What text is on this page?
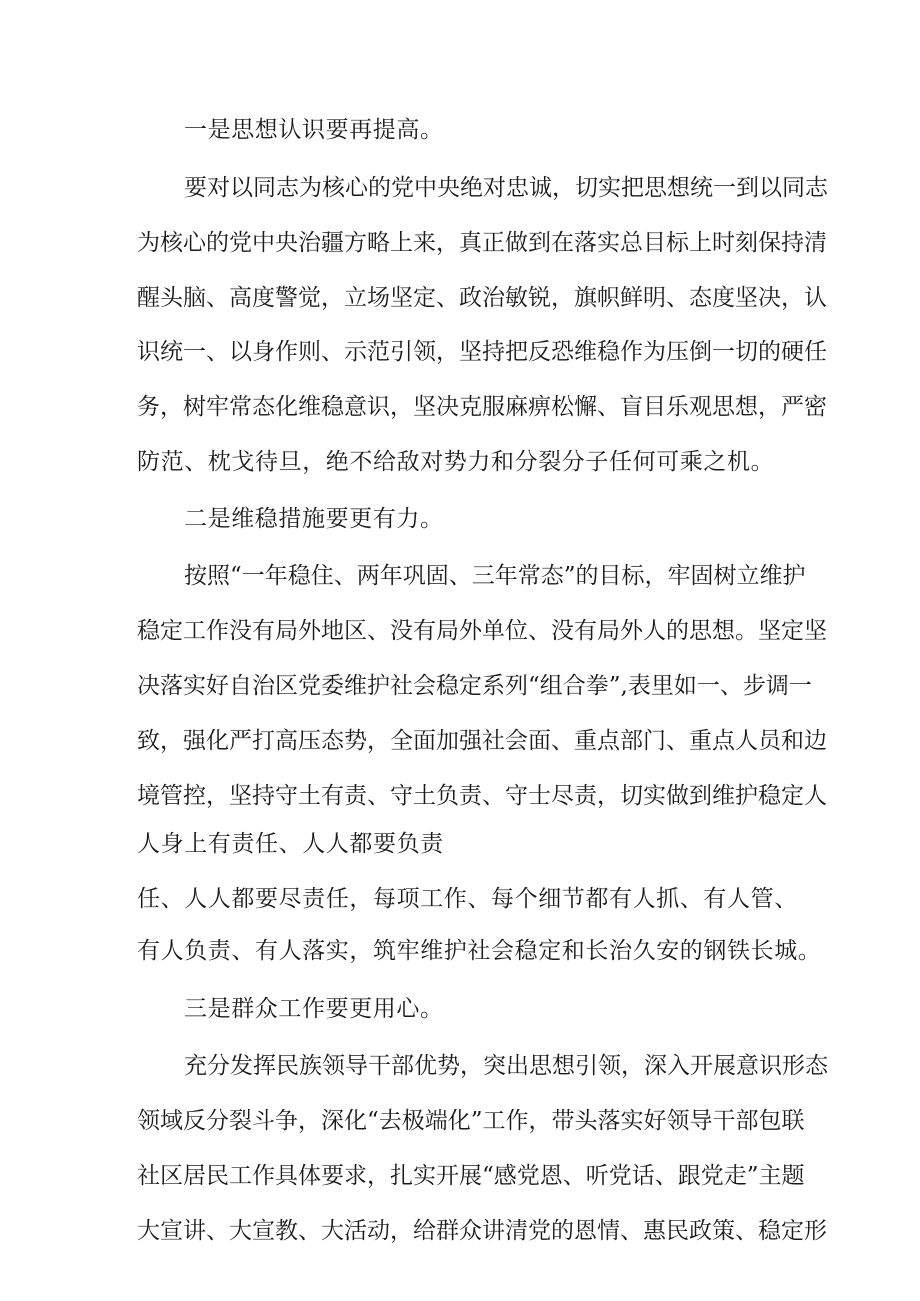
一是思想认识要再提高。
要对以同志为核心的党中央绝对忠诚，切实把思想统一到以同志
为核心的党中央治疆方略上来，真正做到在落实总目标上时刻保持清
醒头脑、高度警觉，立场坚定、政治敏锐，旗帜鲜明、态度坚决，认
识统一、以身作则、示范引领，坚持把反恐维稳作为压倒一切的硬任
务，树牢常态化维稳意识，坚决克服麻痹松懈、盲目乐观思想，严密
防范、枕戈待旦，绝不给敌对势力和分裂分子任何可乘之机。
二是维稳措施要更有力。
按照“一年稳住、两年巩固、三年常态”的目标，牢固树立维护
稳定工作没有局外地区、没有局外单位、没有局外人的思想。坚定坚
决落实好自治区党委维护社会稳定系列“组合拳”,表里如一、步调一
致，强化严打高压态势，全面加强社会面、重点部门、重点人员和边
境管控，坚持守土有责、守土负责、守士尽责，切实做到维护稳定人
人身上有责任、人人都要负责
任、人人都要尽责任，每项工作、每个细节都有人抓、有人管、
有人负责、有人落实，筑牢维护社会稳定和长治久安的钢铁长城。
三是群众工作要更用心。
充分发挥民族领导干部优势，突出思想引领，深入开展意识形态
领域反分裂斗争，深化“去极端化”工作，带头落实好领导干部包联
社区居民工作具体要求，扎实开展“感党恩、听党话、跟党走”主题
大宣讲、大宣教、大活动，给群众讲清党的恩情、惠民政策、稳定形
